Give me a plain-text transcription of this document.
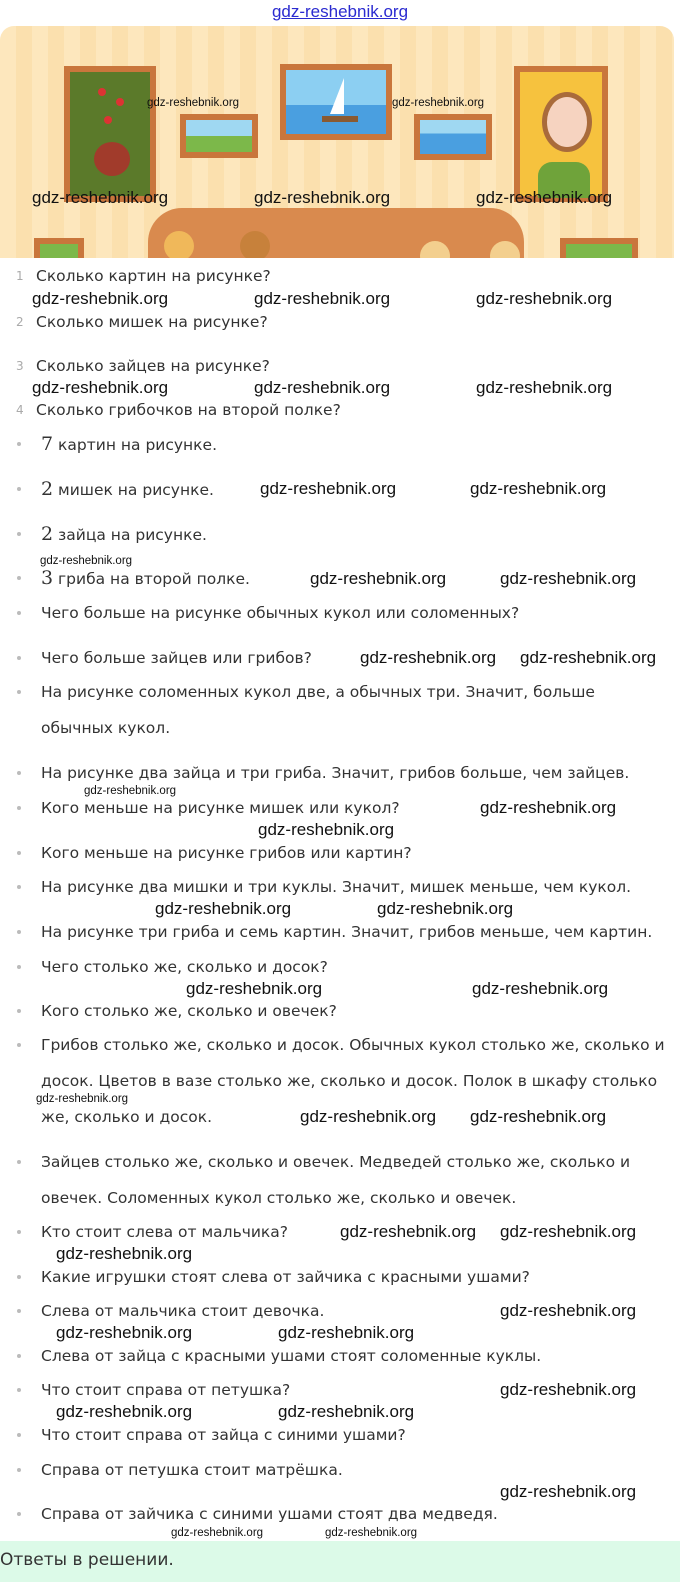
gdz-reshebnik.org
1 Сколько картин на рисунке?
2 Сколько мишек на рисунке?
3 Сколько зайцев на рисунке?
4 Сколько грибочков на второй полке?
7 картин на рисунке.
2 мишек на рисунке.
2 зайца на рисунке.
3 гриба на второй полке.
Чего больше на рисунке обычных кукол или соломенных?
Чего больше зайцев или грибов?
На рисунке соломенных кукол две, а обычных три. Значит, больше обычных кукол.
На рисунке два зайца и три гриба. Значит, грибов больше, чем зайцев.
Кого меньше на рисунке мишек или кукол?
Кого меньше на рисунке грибов или картин?
На рисунке два мишки и три куклы. Значит, мишек меньше, чем кукол.
На рисунке три гриба и семь картин. Значит, грибов меньше, чем картин.
Чего столько же, сколько и досок?
Кого столько же, сколько и овечек?
Грибов столько же, сколько и досок. Обычных кукол столько же, сколько и досок. Цветов в вазе столько же, сколько и досок. Полок в шкафу столько же, сколько и досок.
Зайцев столько же, сколько и овечек. Медведей столько же, сколько и овечек. Соломенных кукол столько же, сколько и овечек.
Кто стоит слева от мальчика?
Какие игрушки стоят слева от зайчика с красными ушами?
Слева от мальчика стоит девочка.
Слева от зайца с красными ушами стоят соломенные куклы.
Что стоит справа от петушка?
Что стоит справа от зайца с синими ушами?
Справа от петушка стоит матрёшка.
Справа от зайчика с синими ушами стоят два медведя.
gdz-reshebnik.org	gdz-reshebnik.org
gdz-reshebnik.org	gdz-reshebnik.org	gdz-reshebnik.org
gdz-reshebnik.org	gdz-reshebnik.org	gdz-reshebnik.org
gdz-reshebnik.org	gdz-reshebnik.org	gdz-reshebnik.org
gdz-reshebnik.org	gdz-reshebnik.org
gdz-reshebnik.org
gdz-reshebnik.org	gdz-reshebnik.org
gdz-reshebnik.org gdz-reshebnik.org
gdz-reshebnik.org
gdz-reshebnik.org
gdz-reshebnik.org
gdz-reshebnik.org	gdz-reshebnik.org
gdz-reshebnik.org	gdz-reshebnik.org
gdz-reshebnik.org
gdz-reshebnik.org gdz-reshebnik.org
gdz-reshebnik.org
gdz-reshebnik.org gdz-reshebnik.org
gdz-reshebnik.org
gdz-reshebnik.org	gdz-reshebnik.org
gdz-reshebnik.org
gdz-reshebnik.org	gdz-reshebnik.org
gdz-reshebnik.org
Ответы в решении.
gdz-reshebnik.org	gdz-reshebnik.org
